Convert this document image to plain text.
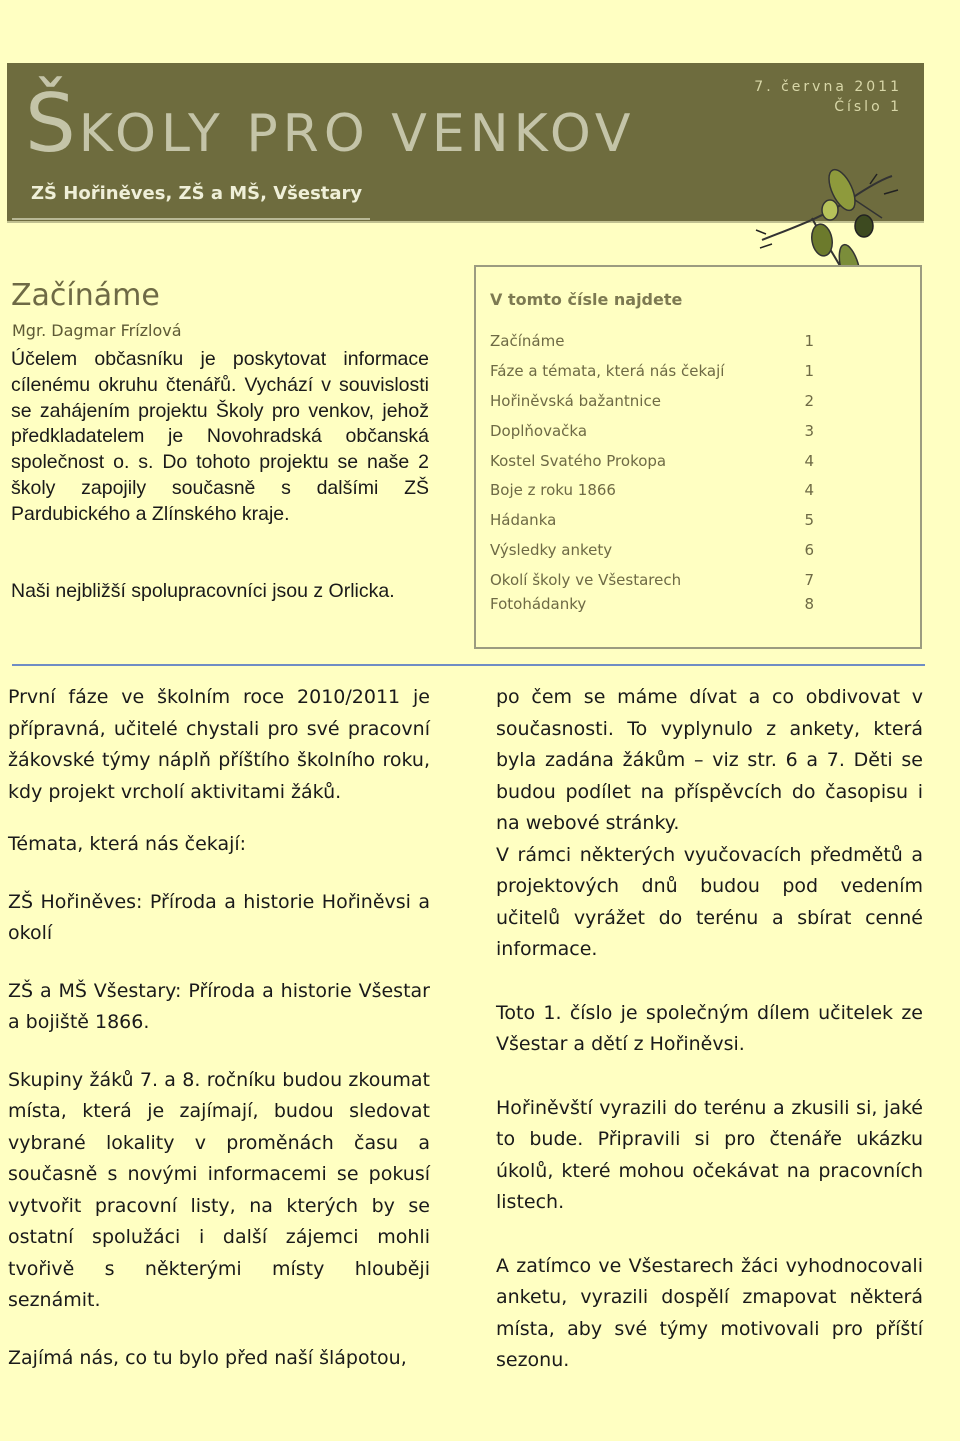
ŠKOLY PRO VENKOV
7. června 2011
Číslo 1
ZŠ Hořiněves, ZŠ a MŠ, Všestary
Začínáme
Mgr. Dagmar Frízlová

Účelem občasníku je poskytovat informace cílenému okruhu čtenářů. Vychází v souvislosti se zahájením projektu Školy pro venkov, jehož předkladatelem je Novohradská občanská společnost o. s. Do tohoto projektu se naše 2 školy zapojily současně s dalšími ZŠ Pardubického a Zlínského kraje.

Naši nejbližší spolupracovníci jsou z Orlicka.

V tomto čísle najdete
Začínáme	1
Fáze a témata, která nás čekají	1
Hořiněvská bažantnice	2
Doplňovačka	3
Kostel Svatého Prokopa	4
Boje z roku 1866	4
Hádanka	5
Výsledky ankety	6
Okolí školy ve Všestarech	7
Fotohádanky	8

První fáze ve školním roce 2010/2011 je přípravná, učitelé chystali pro své pracovní žákovské týmy náplň příštího školního roku, kdy projekt vrcholí aktivitami žáků.

Témata, která nás čekají:

ZŠ Hořiněves: Příroda a historie Hořiněvsi a okolí

ZŠ a MŠ Všestary: Příroda a historie Všestar a bojiště 1866.

Skupiny žáků 7. a 8. ročníku budou zkoumat místa, která je zajímají, budou sledovat vybrané lokality v proměnách času a současně s novými informacemi se pokusí vytvořit pracovní listy, na kterých by se ostatní spolužáci i další zájemci mohli tvořivě s některými místy hlouběji seznámit.

Zajímá nás, co tu bylo před naší šlápotou,

po čem se máme dívat a co obdivovat v současnosti. To vyplynulo z ankety, která byla zadána žákům – viz str. 6 a 7. Děti se budou podílet na příspěvcích do časopisu i na webové stránky.

V rámci některých vyučovacích předmětů a projektových dnů budou pod vedením učitelů vyrážet do terénu a sbírat cenné informace.

Toto 1. číslo je společným dílem učitelek ze Všestar a dětí z Hořiněvsi.

Hořiněvští vyrazili do terénu a zkusili si, jaké to bude. Připravili si pro čtenáře ukázku úkolů, které mohou očekávat na pracovních listech.

A zatímco ve Všestarech žáci vyhodnocovali anketu, vyrazili dospělí zmapovat některá místa, aby své týmy motivovali pro příští sezonu.
